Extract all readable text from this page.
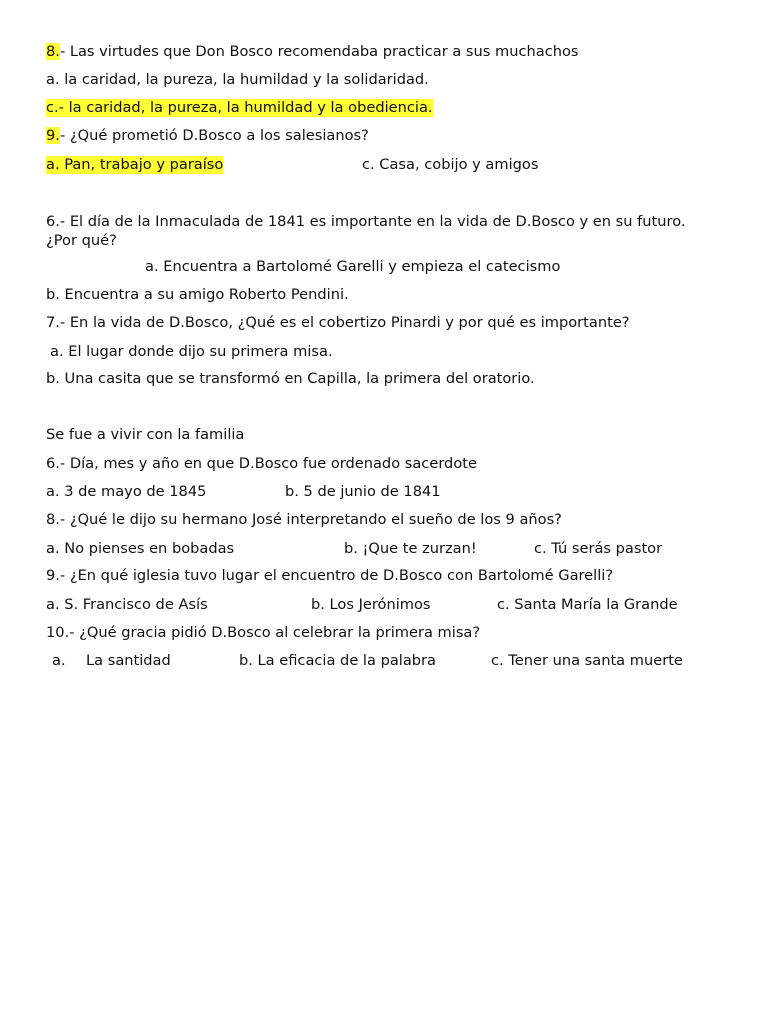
8.- Las virtudes que Don Bosco recomendaba practicar a sus muchachos
a. la caridad, la pureza, la humildad y la solidaridad.
c.- la caridad, la pureza, la humildad y la obediencia.
9.- ¿Qué prometió D.Bosco a los salesianos?
a. Pan, trabajo y paraíso	c. Casa, cobijo y amigos
6.- El día de la Inmaculada de 1841 es importante en la vida de D.Bosco y en su futuro. ¿Por qué?
a. Encuentra a Bartolomé Garelli y empieza el catecismo
b. Encuentra a su amigo Roberto Pendini.
7.- En la vida de D.Bosco, ¿Qué es el cobertizo Pinardi y por qué es importante?
a. El lugar donde dijo su primera misa.
b. Una casita que se transformó en Capilla, la primera del oratorio.
Se fue a vivir con la familia
6.- Día, mes y año en que D.Bosco fue ordenado sacerdote
a. 3 de mayo de 1845	b. 5 de junio de 1841
8.- ¿Qué le dijo su hermano José interpretando el sueño de los 9 años?
a. No pienses en bobadas	b. ¡Que te zurzan!	c. Tú serás pastor
9.- ¿En qué iglesia tuvo lugar el encuentro de D.Bosco con Bartolomé Garelli?
a. S. Francisco de Asís	b. Los Jerónimos	c. Santa María la Grande
10.- ¿Qué gracia pidió D.Bosco al celebrar la primera misa?
a. La santidad	b. La eficacia de la palabra	c. Tener una santa muerte
